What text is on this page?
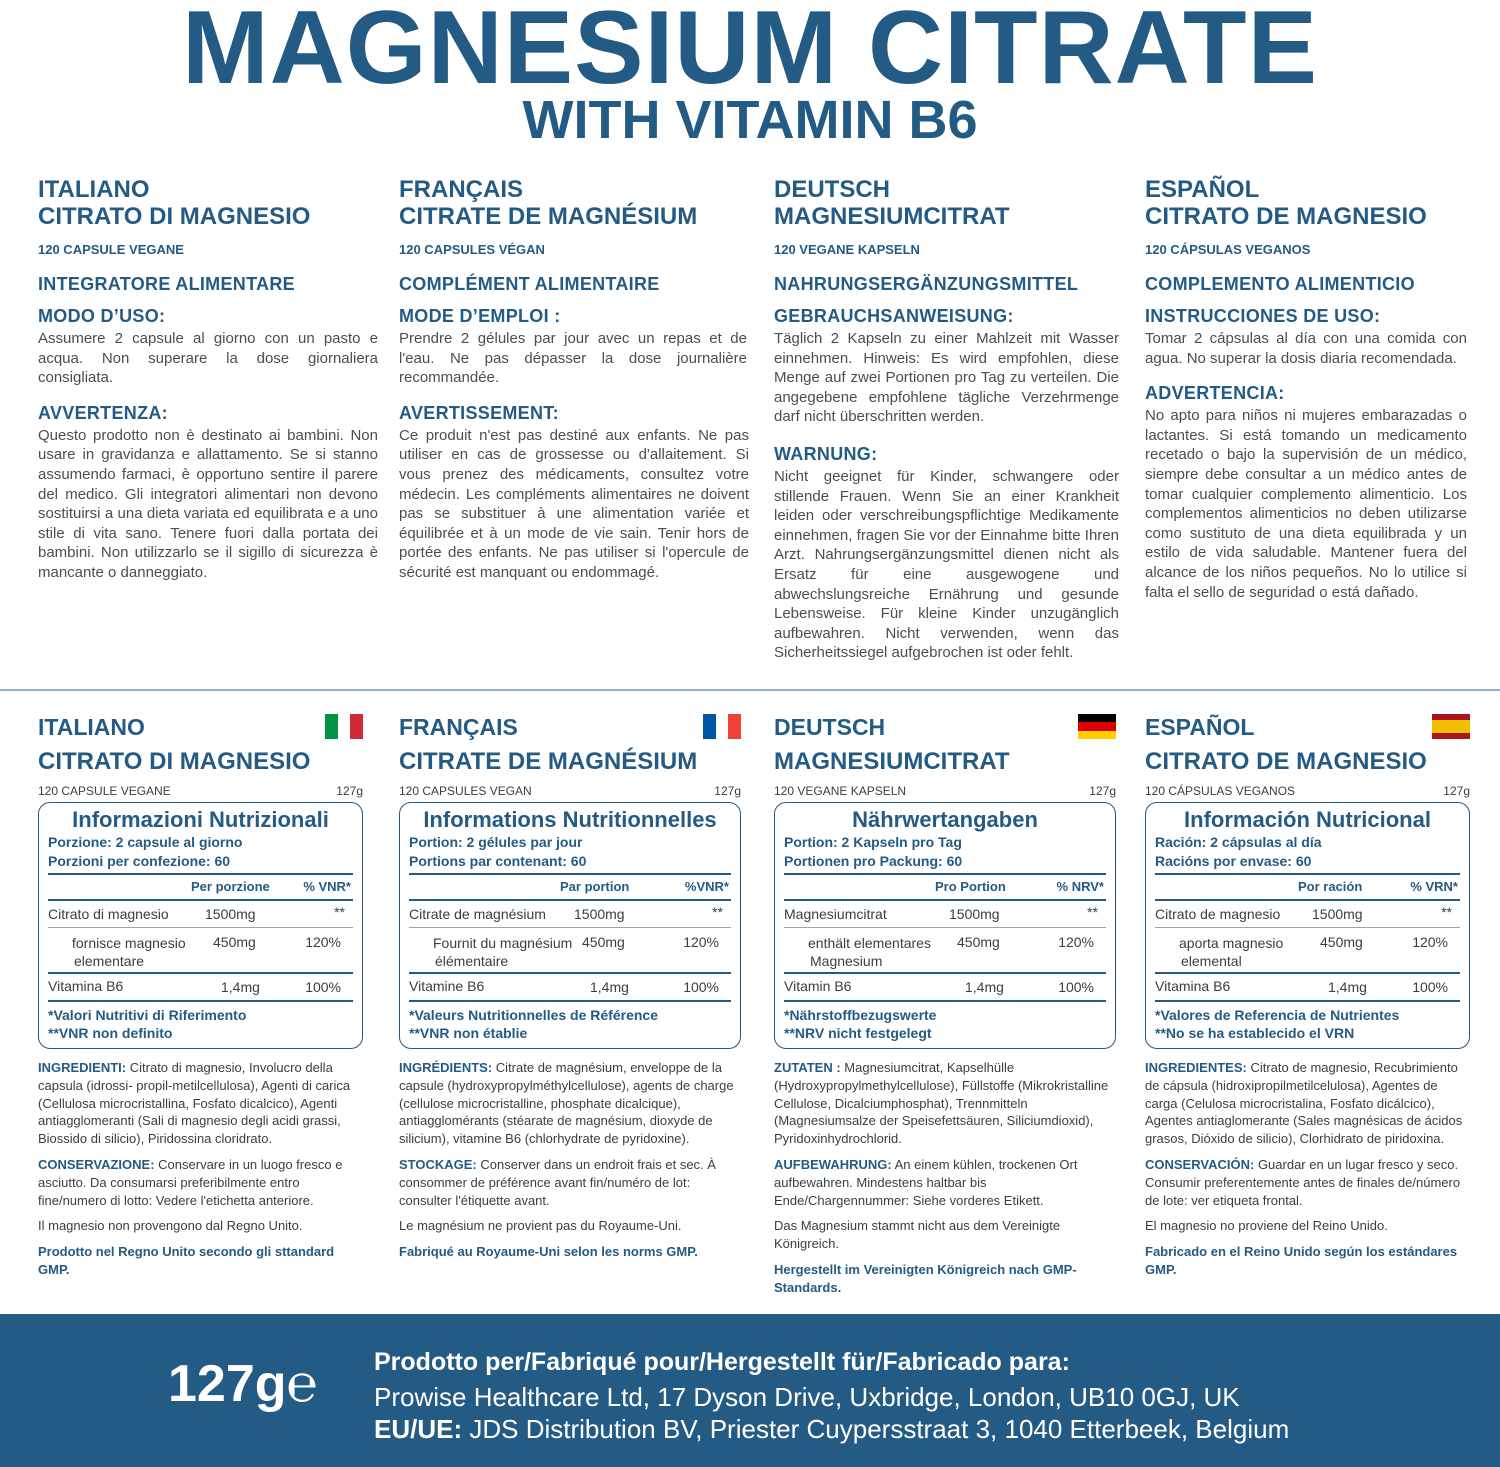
MAGNESIUM CITRATE
WITH VITAMIN B6
ITALIANO
CITRATO DI MAGNESIO
120 CAPSULE VEGANE
INTEGRATORE ALIMENTARE
MODO D’USO:
Assumere 2 capsule al giorno con un pasto e acqua. Non superare la dose giornaliera consigliata.
AVVERTENZA:
Questo prodotto non è destinato ai bambini. Non usare in gravidanza e allattamento. Se si stanno assumendo farmaci, è opportuno sentire il parere del medico. Gli integratori alimentari non devono sostituirsi a una dieta variata ed equilibrata e a uno stile di vita sano. Tenere fuori dalla portata dei bambini. Non utilizzarlo se il sigillo di sicurezza è mancante o danneggiato.
FRANÇAIS
CITRATE DE MAGNÉSIUM
120 CAPSULES VÉGAN
COMPLÉMENT ALIMENTAIRE
MODE D’EMPLOI :
Prendre 2 gélules par jour avec un repas et de l'eau. Ne pas dépasser la dose journalière recommandée.
AVERTISSEMENT:
Ce produit n'est pas destiné aux enfants. Ne pas utiliser en cas de grossesse ou d'allaitement. Si vous prenez des médicaments, consultez votre médecin. Les compléments alimentaires ne doivent pas se substituer à une alimentation variée et équilibrée et à un mode de vie sain. Tenir hors de portée des enfants. Ne pas utiliser si l'opercule de sécurité est manquant ou endommagé.
DEUTSCH
MAGNESIUMCITRAT
120 VEGANE KAPSELN
NAHRUNGSERGÄNZUNGSMITTEL
GEBRAUCHSANWEISUNG:
Täglich 2 Kapseln zu einer Mahlzeit mit Wasser einnehmen. Hinweis: Es wird empfohlen, diese Menge auf zwei Portionen pro Tag zu verteilen. Die angegebene empfohlene tägliche Verzehrmenge darf nicht überschritten werden.
WARNUNG:
Nicht geeignet für Kinder, schwangere oder stillende Frauen. Wenn Sie an einer Krankheit leiden oder verschreibungspflichtige Medikamente einnehmen, fragen Sie vor der Einnahme bitte Ihren Arzt. Nahrungsergänzungsmittel dienen nicht als Ersatz für eine ausgewogene und abwechslungsreiche Ernährung und gesunde Lebensweise. Für kleine Kinder unzugänglich aufbewahren. Nicht verwenden, wenn das Sicherheitssiegel aufgebrochen ist oder fehlt.
ESPAÑOL
CITRATO DE MAGNESIO
120 CÁPSULAS VEGANOS
COMPLEMENTO ALIMENTICIO
INSTRUCCIONES DE USO:
Tomar 2 cápsulas al día con una comida con agua. No superar la dosis diaria recomendada.
ADVERTENCIA:
No apto para niños ni mujeres embarazadas o lactantes. Si está tomando un medicamento recetado o bajo la supervisión de un médico, siempre debe consultar a un médico antes de tomar cualquier complemento alimenticio. Los complementos alimenticios no deben utilizarse como sustituto de una dieta equilibrada y un estilo de vida saludable. Mantener fuera del alcance de los niños pequeños. No lo utilice si falta el sello de seguridad o está dañado.
ITALIANO
CITRATO DI MAGNESIO
120 CAPSULE VEGANE	127g
Informazioni Nutrizionali
Porzione: 2 capsule al giorno
Porzioni per confezione: 60
Per porzione	% VNR*
Citrato di magnesio	1500mg	**
fornisce magnesio
elementare
450mg	120%
Vitamina B6	1,4mg	100%
*Valori Nutritivi di Riferimento
**VNR non definito

INGREDIENTI: Citrato di magnesio, Involucro della capsula (idrossi- propil-metilcellulosa), Agenti di carica (Cellulosa microcristallina, Fosfato dicalcico), Agenti antiagglomeranti (Sali di magnesio degli acidi grassi, Biossido di silicio), Piridossina cloridrato.

CONSERVAZIONE: Conservare in un luogo fresco e asciutto. Da consumarsi preferibilmente entro fine/numero di lotto: Vedere l'etichetta anteriore.

Il magnesio non provengono dal Regno Unito.

Prodotto nel Regno Unito secondo gli sttandard GMP.

FRANÇAIS
CITRATE DE MAGNÉSIUM
120 CAPSULES VEGAN	127g
Informations Nutritionnelles
Portion: 2 gélules par jour
Portions par contenant: 60
Par portion	%VNR*
Citrate de magnésium 1500mg	**
Fournit du magnésium
élémentaire
450mg	120%
Vitamine B6	1,4mg	100%
*Valeurs Nutritionnelles de Référence
**VNR non établie

INGRÉDIENTS: Citrate de magnésium, enveloppe de la capsule (hydroxypropylméthylcellulose), agents de charge (cellulose microcristalline, phosphate dicalcique), antiagglomérants (stéarate de magnésium, dioxyde de silicium), vitamine B6 (chlorhydrate de pyridoxine).

STOCKAGE: Conserver dans un endroit frais et sec. À consommer de préférence avant fin/numéro de lot: consulter l'étiquette avant.

Le magnésium ne provient pas du Royaume-Uni.

Fabriqué au Royaume-Uni selon les norms GMP.

DEUTSCH
MAGNESIUMCITRAT
120 VEGANE KAPSELN	127g
Nährwertangaben
Portion: 2 Kapseln pro Tag
Portionen pro Packung: 60
Pro Portion	% NRV*
Magnesiumcitrat	1500mg	**
enthält elementares
Magnesium
450mg	120%
Vitamin B6	1,4mg	100%
*Nährstoffbezugswerte
**NRV nicht festgelegt

ZUTATEN : Magnesiumcitrat, Kapselhülle (Hydroxypropylmethylcellulose), Füllstoffe (Mikrokristalline Cellulose, Dicalciumphosphat), Trennmitteln (Magnesiumsalze der Speisefettsäuren, Siliciumdioxid), Pyridoxinhydrochlorid.

AUFBEWAHRUNG: An einem kühlen, trockenen Ort aufbewahren. Mindestens haltbar bis Ende/Chargennummer: Siehe vorderes Etikett.

Das Magnesium stammt nicht aus dem Vereinigte Königreich.

Hergestellt im Vereinigten Königreich nach GMP-Standards.

ESPAÑOL
CITRATO DE MAGNESIO
120 CÁPSULAS VEGANOS	127g
Información Nutricional
Ración: 2 cápsulas al día
Racións por envase: 60
Por ración	% VRN*
Citrato de magnesio 1500mg	**
aporta magnesio
elemental
450mg	120%
Vitamina B6	1,4mg	100%
*Valores de Referencia de Nutrientes
**No se ha establecido el VRN

INGREDIENTES: Citrato de magnesio, Recubrimiento de cápsula (hidroxipropilmetilcelulosa), Agentes de carga (Celulosa microcristalina, Fosfato dicálcico), Agentes antiaglomerante (Sales magnésicas de ácidos grasos, Dióxido de silicio), Clorhidrato de piridoxina.

CONSERVACIÓN: Guardar en un lugar fresco y seco. Consumir preferentemente antes de finales de/número de lote: ver etiqueta frontal.

El magnesio no proviene del Reino Unido.

Fabricado en el Reino Unido según los estándares GMP.

127g℮ Prodotto per/Fabriqué pour/Hergestellt für/Fabricado para:
Prowise Healthcare Ltd, 17 Dyson Drive, Uxbridge, London, UB10 0GJ, UK
EU/UE: JDS Distribution BV, Priester Cuypersstraat 3, 1040 Etterbeek, Belgium
